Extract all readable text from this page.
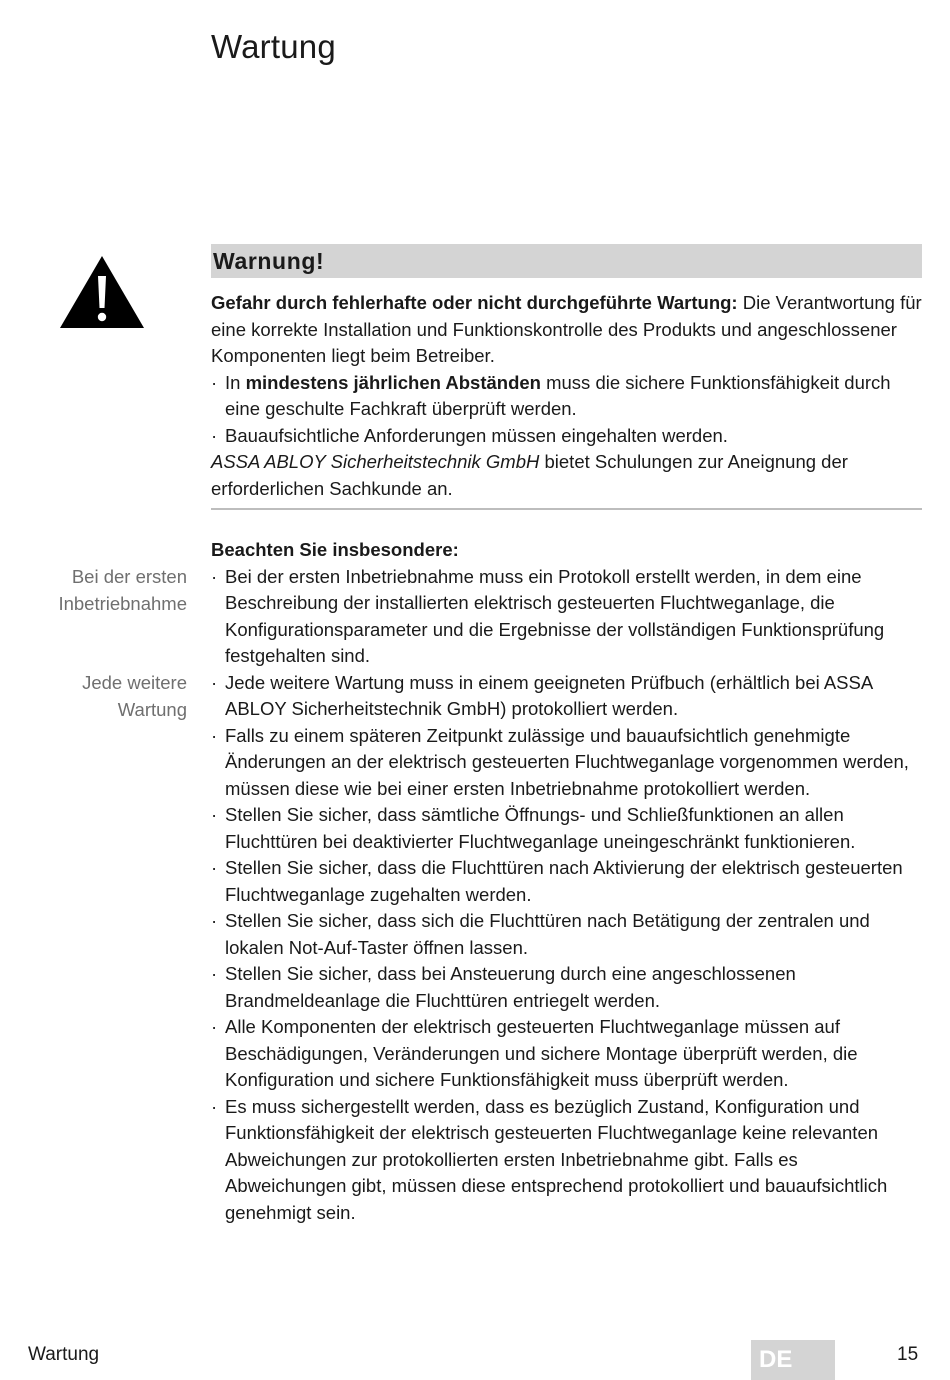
Wartung
Warnung!

Gefahr durch fehlerhafte oder nicht durchgeführte Wartung: Die Verantwortung für eine korrekte Installation und Funktionskontrolle des Produkts und angeschlossener Komponenten liegt beim Betreiber.

· In mindestens jährlichen Abständen muss die sichere Funktionsfähigkeit durch eine geschulte Fachkraft überprüft werden.

· Bauaufsichtliche Anforderungen müssen eingehalten werden.

ASSA ABLOY Sicherheitstechnik GmbH bietet Schulungen zur Aneignung der erforderlichen Sachkunde an.

Bei der ersten
Inbetriebnahme
Jede weitere
Wartung

Beachten Sie insbesondere:

· Bei der ersten Inbetriebnahme muss ein Protokoll erstellt werden, in dem eine Beschreibung der installierten elektrisch gesteuerten Fluchtweganlage, die Konfigurationsparameter und die Ergebnisse der vollständigen Funktionsprüfung festgehalten sind.
· Jede weitere Wartung muss in einem geeigneten Prüfbuch (erhältlich bei ASSA ABLOY Sicherheitstechnik GmbH) protokolliert werden.
· Falls zu einem späteren Zeitpunkt zulässige und bauaufsichtlich genehmigte Änderungen an der elektrisch gesteuerten Fluchtweganlage vorgenommen werden, müssen diese wie bei einer ersten Inbetriebnahme protokolliert werden.
· Stellen Sie sicher, dass sämtliche Öffnungs- und Schließfunktionen an allen Fluchttüren bei deaktivierter Fluchtweganlage uneingeschränkt funktionieren.
· Stellen Sie sicher, dass die Fluchttüren nach Aktivierung der elektrisch gesteuerten Fluchtweganlage zugehalten werden.
· Stellen Sie sicher, dass sich die Fluchttüren nach Betätigung der zentralen und lokalen Not-Auf-Taster öffnen lassen.
· Stellen Sie sicher, dass bei Ansteuerung durch eine angeschlossenen Brandmeldeanlage die Fluchttüren entriegelt werden.
· Alle Komponenten der elektrisch gesteuerten Fluchtweganlage müssen auf Beschädigungen, Veränderungen und sichere Montage überprüft werden, die Konfiguration und sichere Funktionsfähigkeit muss überprüft werden.
· Es muss sichergestellt werden, dass es bezüglich Zustand, Konfiguration und Funktionsfähigkeit der elektrisch gesteuerten Fluchtweganlage keine relevanten Abweichungen zur protokollierten ersten Inbetriebnahme gibt. Falls es Abweichungen gibt, müssen diese entsprechend protokolliert und bauaufsichtlich genehmigt sein.
Wartung	DE	15
